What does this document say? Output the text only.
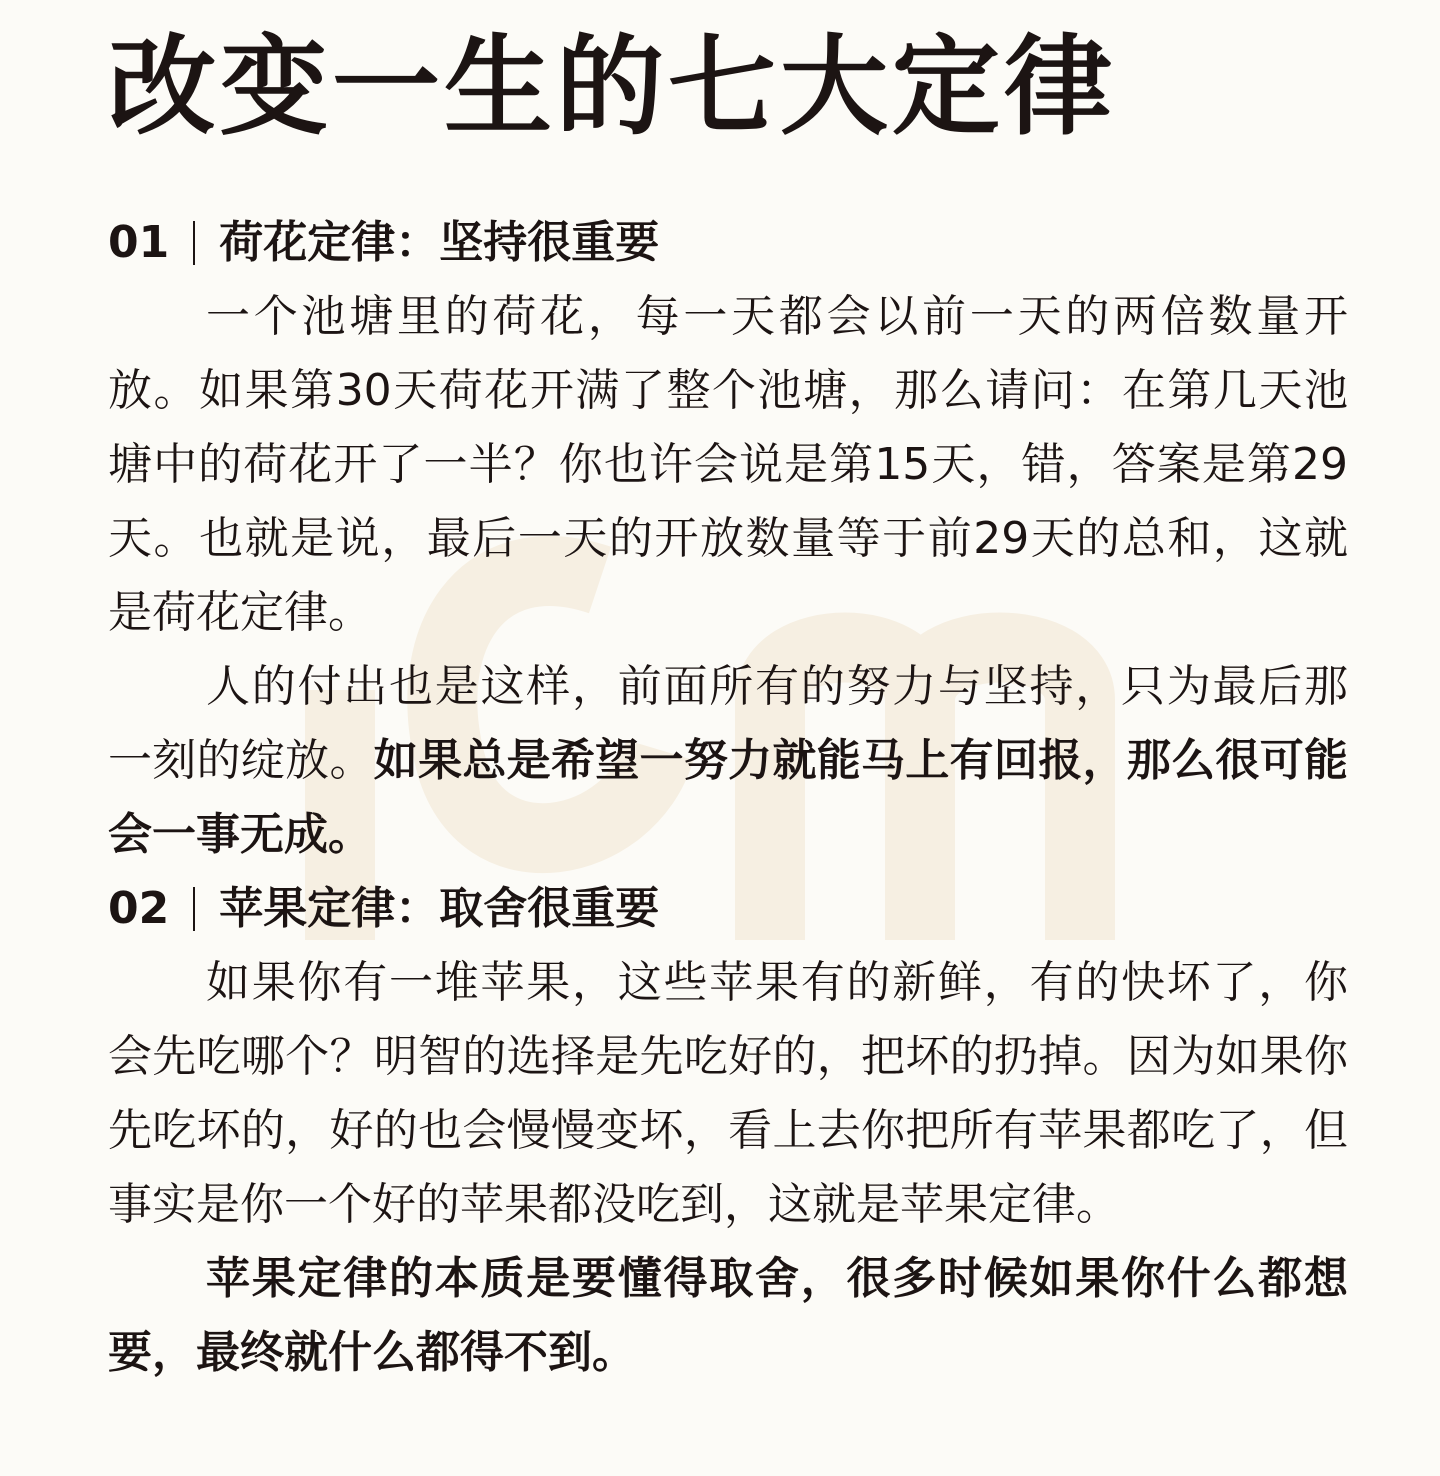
改变一生的七大定律
01 荷花定律：坚持很重要

一个池塘里的荷花，每一天都会以前一天的两倍数量开放。如果第30天荷花开满了整个池塘，那么请问：在第几天池塘中的荷花开了一半？你也许会说是第15天，错，答案是第29天。也就是说，最后一天的开放数量等于前29天的总和，这就是荷花定律。

人的付出也是这样，前面所有的努力与坚持，只为最后那一刻的绽放。如果总是希望一努力就能马上有回报，那么很可能会一事无成。

02 苹果定律：取舍很重要

如果你有一堆苹果，这些苹果有的新鲜，有的快坏了，你会先吃哪个？明智的选择是先吃好的，把坏的扔掉。因为如果你先吃坏的，好的也会慢慢变坏，看上去你把所有苹果都吃了，但事实是你一个好的苹果都没吃到，这就是苹果定律。

苹果定律的本质是要懂得取舍，很多时候如果你什么都想要，最终就什么都得不到。
